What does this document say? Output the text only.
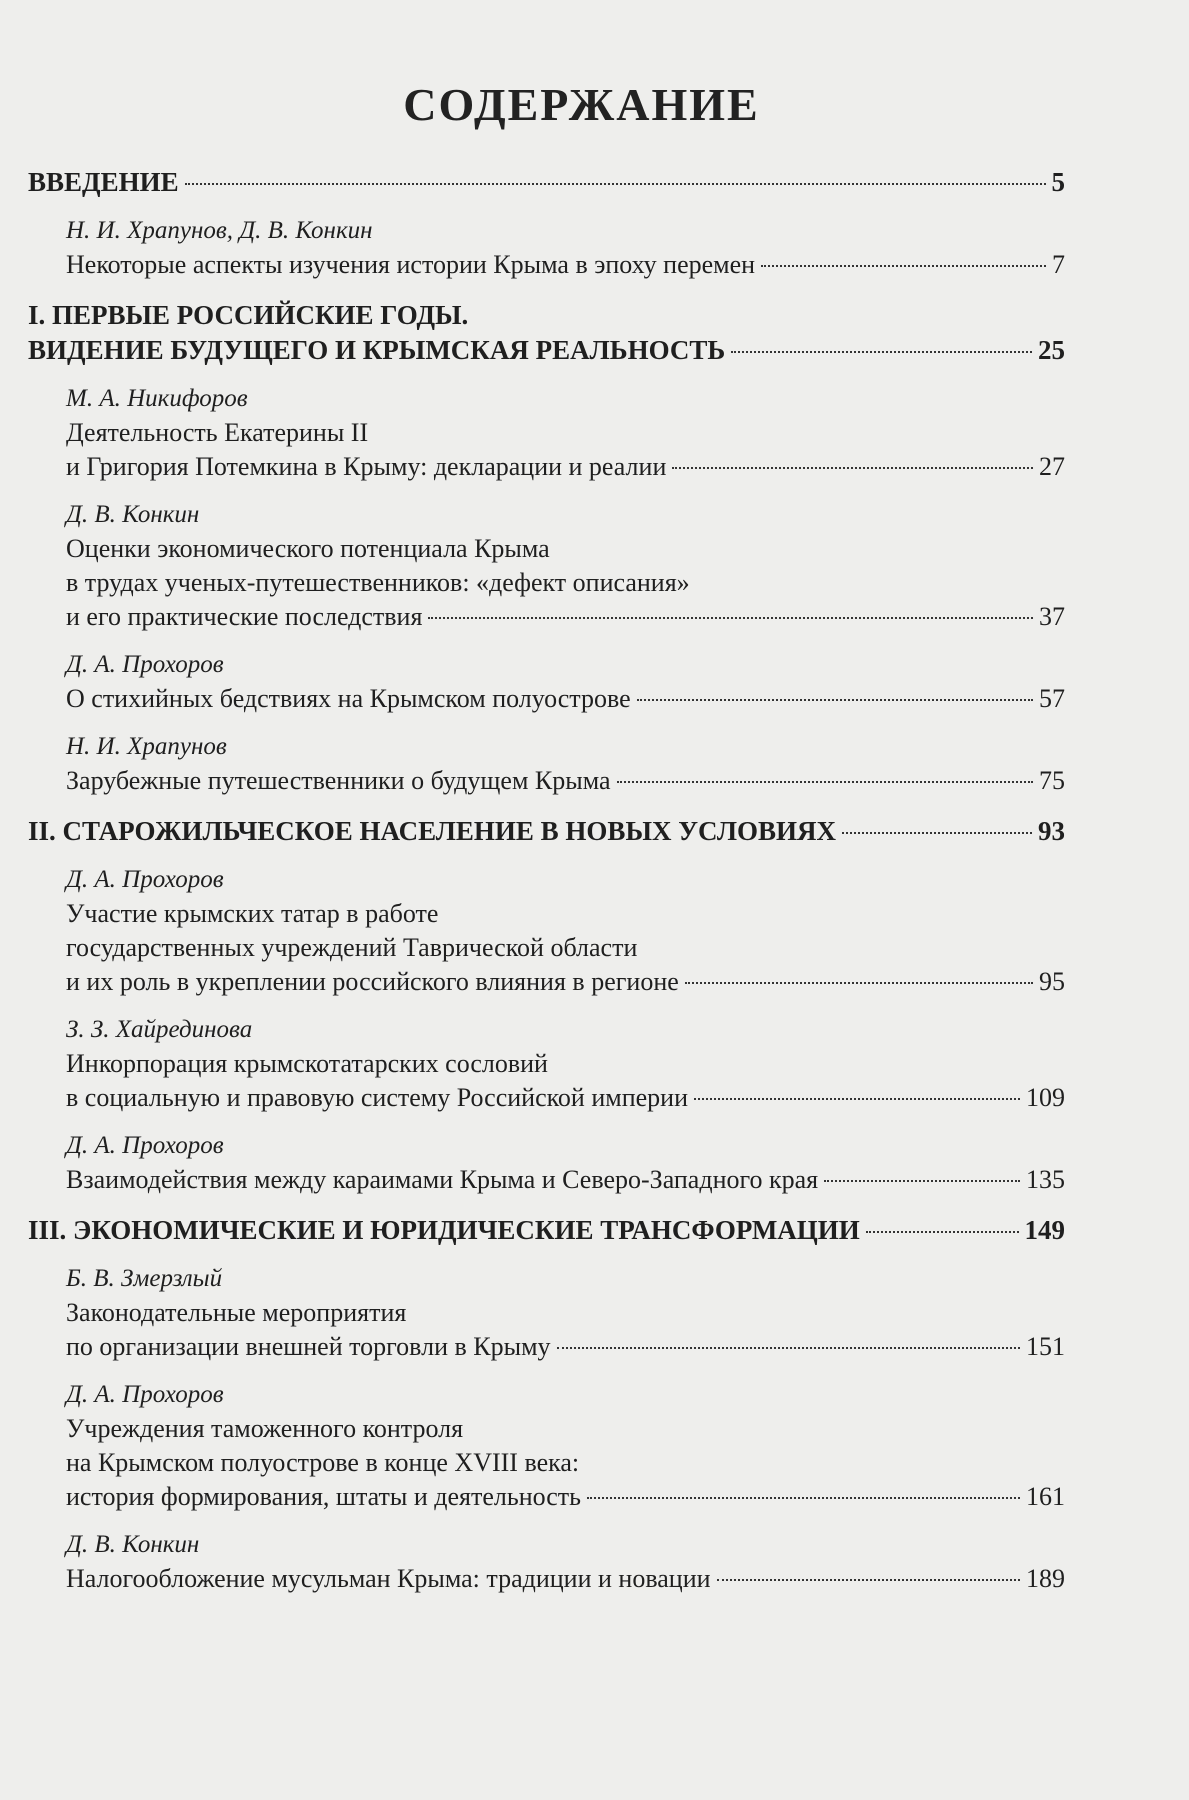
СОДЕРЖАНИЕ
ВВЕДЕНИЕ	5
Н. И. Храпунов, Д. В. Конкин
Некоторые аспекты изучения истории Крыма в эпоху перемен	7
I. ПЕРВЫЕ РОССИЙСКИЕ ГОДЫ.
ВИДЕНИЕ БУДУЩЕГО И КРЫМСКАЯ РЕАЛЬНОСТЬ	25
М. А. Никифоров
Деятельность Екатерины II
и Григория Потемкина в Крыму: декларации и реалии	27
Д. В. Конкин
Оценки экономического потенциала Крыма
в трудах ученых-путешественников: «дефект описания»
и его практические последствия	37
Д. А. Прохоров
О стихийных бедствиях на Крымском полуострове	57
Н. И. Храпунов
Зарубежные путешественники о будущем Крыма	75
II. СТАРОЖИЛЬЧЕСКОЕ НАСЕЛЕНИЕ В НОВЫХ УСЛОВИЯХ	93
Д. А. Прохоров
Участие крымских татар в работе
государственных учреждений Таврической области
и их роль в укреплении российского влияния в регионе	95
З. З. Хайрединова
Инкорпорация крымскотатарских сословий
в социальную и правовую систему Российской империи	109
Д. А. Прохоров
Взаимодействия между караимами Крыма и Северо-Западного края	135
III. ЭКОНОМИЧЕСКИЕ И ЮРИДИЧЕСКИЕ ТРАНСФОРМАЦИИ	149
Б. В. Змерзлый
Законодательные мероприятия
по организации внешней торговли в Крыму	151
Д. А. Прохоров
Учреждения таможенного контроля
на Крымском полуострове в конце XVIII века:
история формирования, штаты и деятельность	161
Д. В. Конкин
Налогообложение мусульман Крыма: традиции и новации	189
